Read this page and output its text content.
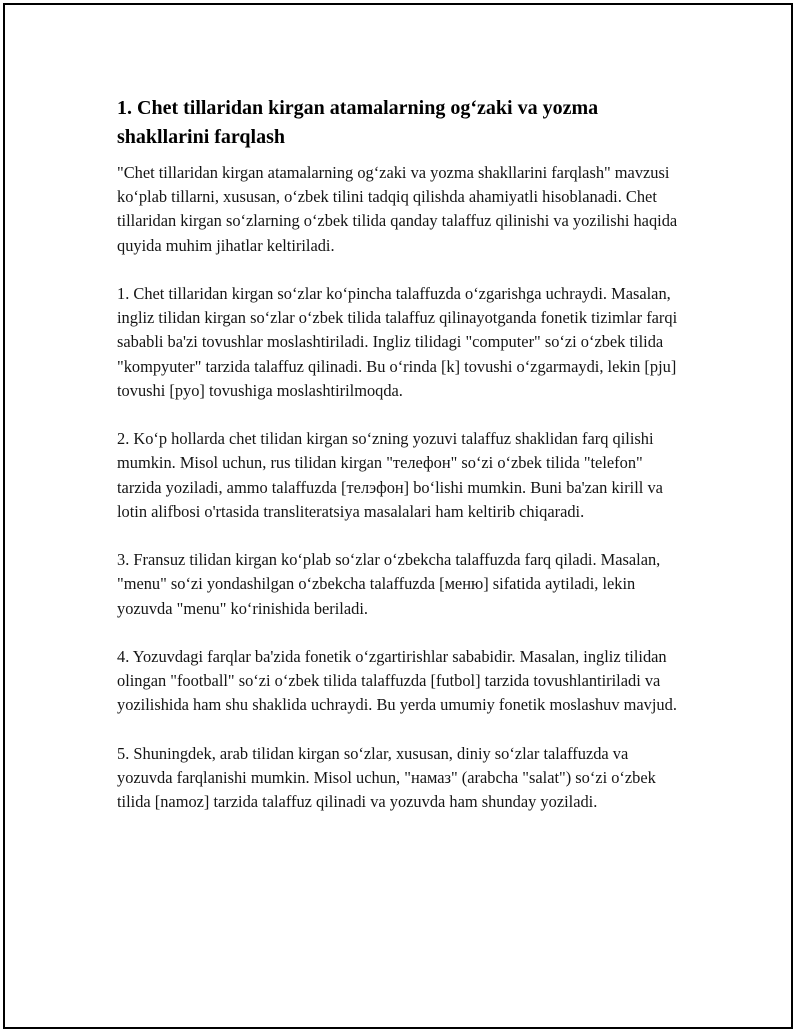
1. Chet tillaridan kirgan atamalarning og‘zaki va yozma shakllarini farqlash

"Chet tillaridan kirgan atamalarning og‘zaki va yozma shakllarini farqlash" mavzusi ko‘plab tillarni, xususan, o‘zbek tilini tadqiq qilishda ahamiyatli hisoblanadi. Chet tillaridan kirgan so‘zlarning o‘zbek tilida qanday talaffuz qilinishi va yozilishi haqida quyida muhim jihatlar keltiriladi.

1. Chet tillaridan kirgan so‘zlar ko‘pincha talaffuzda o‘zgarishga uchraydi. Masalan, ingliz tilidan kirgan so‘zlar o‘zbek tilida talaffuz qilinayotganda fonetik tizimlar farqi sababli ba'zi tovushlar moslashtiriladi. Ingliz tilidagi "computer" so‘zi o‘zbek tilida "kompyuter" tarzida talaffuz qilinadi. Bu o‘rinda [k] tovushi o‘zgarmaydi, lekin [pju] tovushi [pyo] tovushiga moslashtirilmoqda.

2. Ko‘p hollarda chet tilidan kirgan so‘zning yozuvi talaffuz shaklidan farq qilishi mumkin. Misol uchun, rus tilidan kirgan "телефон" so‘zi o‘zbek tilida "telefon" tarzida yoziladi, ammo talaffuzda [телэфон] bo‘lishi mumkin. Buni ba'zan kirill va lotin alifbosi o'rtasida transliteratsiya masalalari ham keltirib chiqaradi.

3. Fransuz tilidan kirgan ko‘plab so‘zlar o‘zbekcha talaffuzda farq qiladi. Masalan, "menu" so‘zi yondashilgan o‘zbekcha talaffuzda [меню] sifatida aytiladi, lekin yozuvda "menu" ko‘rinishida beriladi.

4. Yozuvdagi farqlar ba'zida fonetik o‘zgartirishlar sababidir. Masalan, ingliz tilidan olingan "football" so‘zi o‘zbek tilida talaffuzda [futbol] tarzida tovushlantiriladi va yozilishida ham shu shaklida uchraydi. Bu yerda umumiy fonetik moslashuv mavjud.

5. Shuningdek, arab tilidan kirgan so‘zlar, xususan, diniy so‘zlar talaffuzda va yozuvda farqlanishi mumkin. Misol uchun, "намаз" (arabcha "salat") so‘zi o‘zbek tilida [namoz] tarzida talaffuz qilinadi va yozuvda ham shunday yoziladi.
